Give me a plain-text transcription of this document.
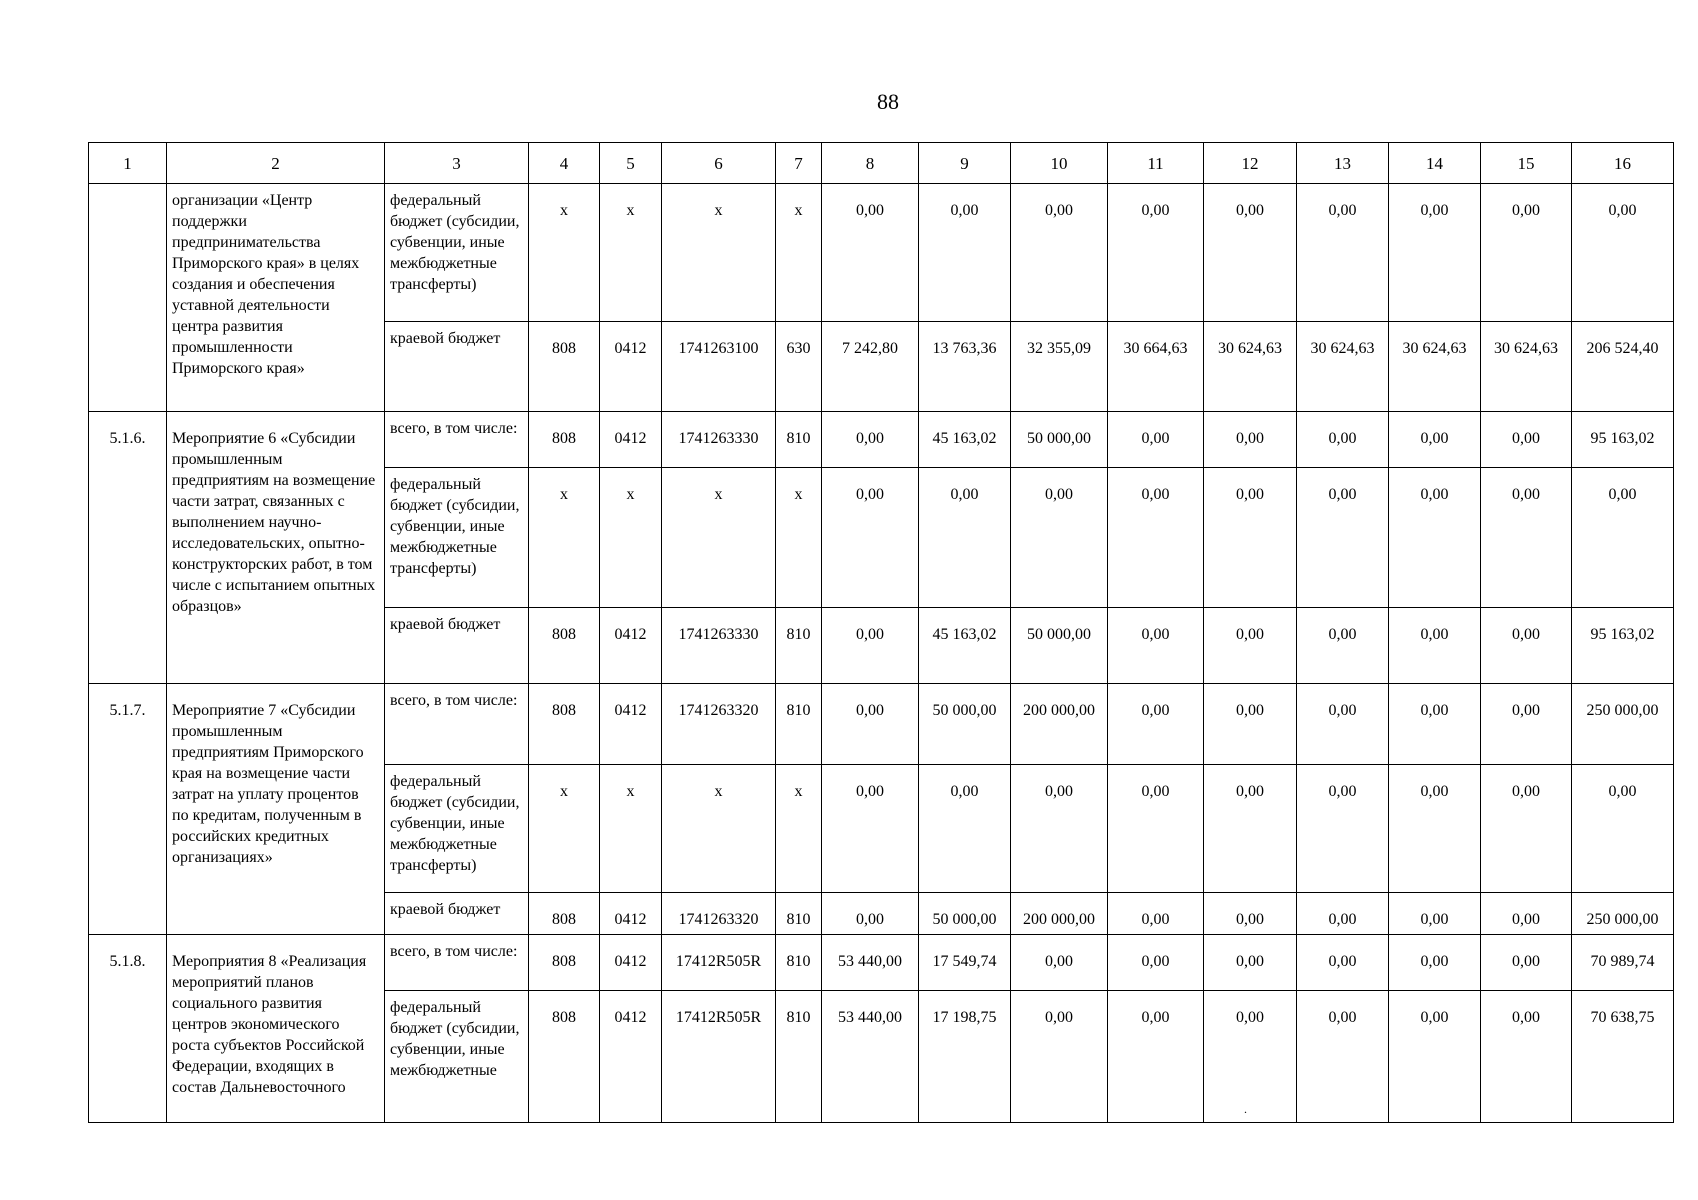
88
1	2	3	4	5	6	7	8	9	10	11	12	13	14	15	16
	организации «Центр поддержки предпринимательства Приморского края» в целях создания и обеспечения уставной деятельности центра развития промышленности Приморского края»	федеральный бюджет (субсидии, субвенции, иные межбюджетные трансферты)	х	х	х	х	0,00	0,00	0,00	0,00	0,00	0,00	0,00	0,00	0,00
		краевой бюджет	808	0412	1741263100	630	7 242,80	13 763,36	32 355,09	30 664,63	30 624,63	30 624,63	30 624,63	30 624,63	206 524,40
5.1.6.	Мероприятие 6 «Субсидии промышленным предприятиям на возмещение части затрат, связанных с выполнением научно-исследовательских, опытно-конструкторских работ, в том числе с испытанием опытных образцов»	всего, в том числе:	808	0412	1741263330	810	0,00	45 163,02	50 000,00	0,00	0,00	0,00	0,00	0,00	95 163,02
		федеральный бюджет (субсидии, субвенции, иные межбюджетные трансферты)	х	х	х	х	0,00	0,00	0,00	0,00	0,00	0,00	0,00	0,00	0,00
		краевой бюджет	808	0412	1741263330	810	0,00	45 163,02	50 000,00	0,00	0,00	0,00	0,00	0,00	95 163,02
5.1.7.	Мероприятие 7 «Субсидии промышленным предприятиям Приморского края на возмещение части затрат на уплату процентов по кредитам, полученным в российских кредитных организациях»	всего, в том числе:	808	0412	1741263320	810	0,00	50 000,00	200 000,00	0,00	0,00	0,00	0,00	0,00	250 000,00
		федеральный бюджет (субсидии, субвенции, иные межбюджетные трансферты)	х	х	х	х	0,00	0,00	0,00	0,00	0,00	0,00	0,00	0,00	0,00
		краевой бюджет	808	0412	1741263320	810	0,00	50 000,00	200 000,00	0,00	0,00	0,00	0,00	0,00	250 000,00
5.1.8.	Мероприятия 8 «Реализация мероприятий планов социального развития центров экономического роста субъектов Российской Федерации, входящих в состав Дальневосточного	всего, в том числе:	808	0412	17412R505R	810	53 440,00	17 549,74	0,00	0,00	0,00	0,00	0,00	0,00	70 989,74
		федеральный бюджет (субсидии, субвенции, иные межбюджетные	808	0412	17412R505R	810	53 440,00	17 198,75	0,00	0,00	0,00	0,00	0,00	0,00	70 638,75
.
